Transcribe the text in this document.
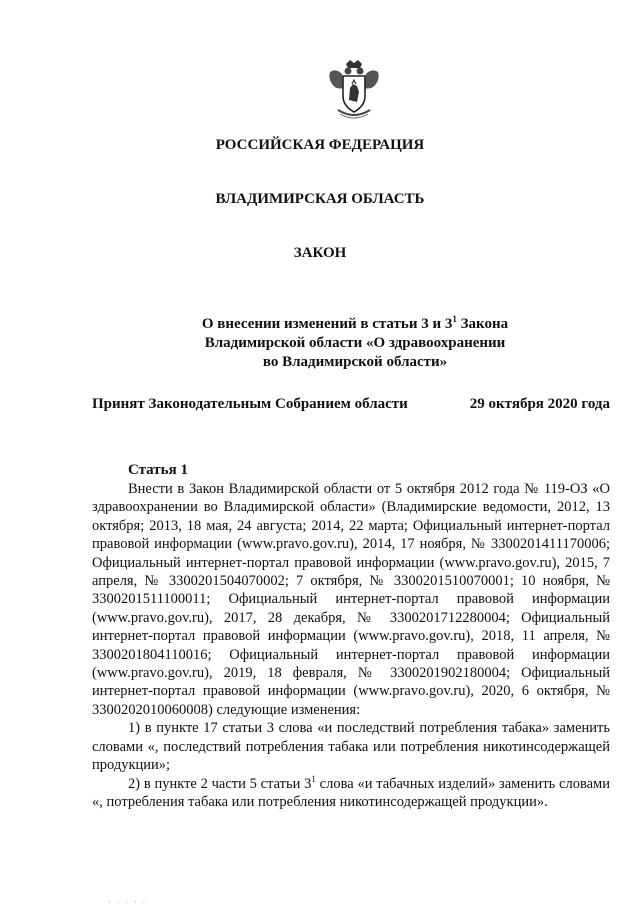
РОССИЙСКАЯ ФЕДЕРАЦИЯ
ВЛАДИМИРСКАЯ ОБЛАСТЬ
ЗАКОН
О внесении изменений в статьи 3 и $3^1$ Закона
Владимирской области «О здравоохранении
во Владимирской области»
Принят Законодательным Собранием области	29 октября 2020 года
Статья 1

Внести в Закон Владимирской области от 5 октября 2012 года № 119-ОЗ «О здравоохранении во Владимирской области» (Владимирские ведомости, 2012, 13 октября; 2013, 18 мая, 24 августа; 2014, 22 марта; Официальный интернет-портал правовой информации (www.pravo.gov.ru), 2014, 17 ноября, № 3300201411170006; Официальный интернет-портал правовой информации (www.pravo.gov.ru), 2015, 7 апреля, № 3300201504070002; 7 октября, № 3300201510070001; 10 ноября, № 3300201511100011; Официальный интернет-портал правовой информации (www.pravo.gov.ru), 2017, 28 декабря, № 3300201712280004; Официальный интернет-портал правовой информации (www.pravo.gov.ru), 2018, 11 апреля, № 3300201804110016; Официальный интернет-портал правовой информации (www.pravo.gov.ru), 2019, 18 февраля, № 3300201902180004; Официальный интернет-портал правовой информации (www.pravo.gov.ru), 2020, 6 октября, № 3300202010060008) следующие изменения:

1) в пункте 17 статьи 3 слова «и последствий потребления табака» заменить словами «, последствий потребления табака или потребления никотинсодержащей продукции»;

2) в пункте 2 части 5 статьи $3^1$ слова «и табачных изделий» заменить словами «, потребления табака или потребления никотинсодержащей продукции».

· · · · ·
